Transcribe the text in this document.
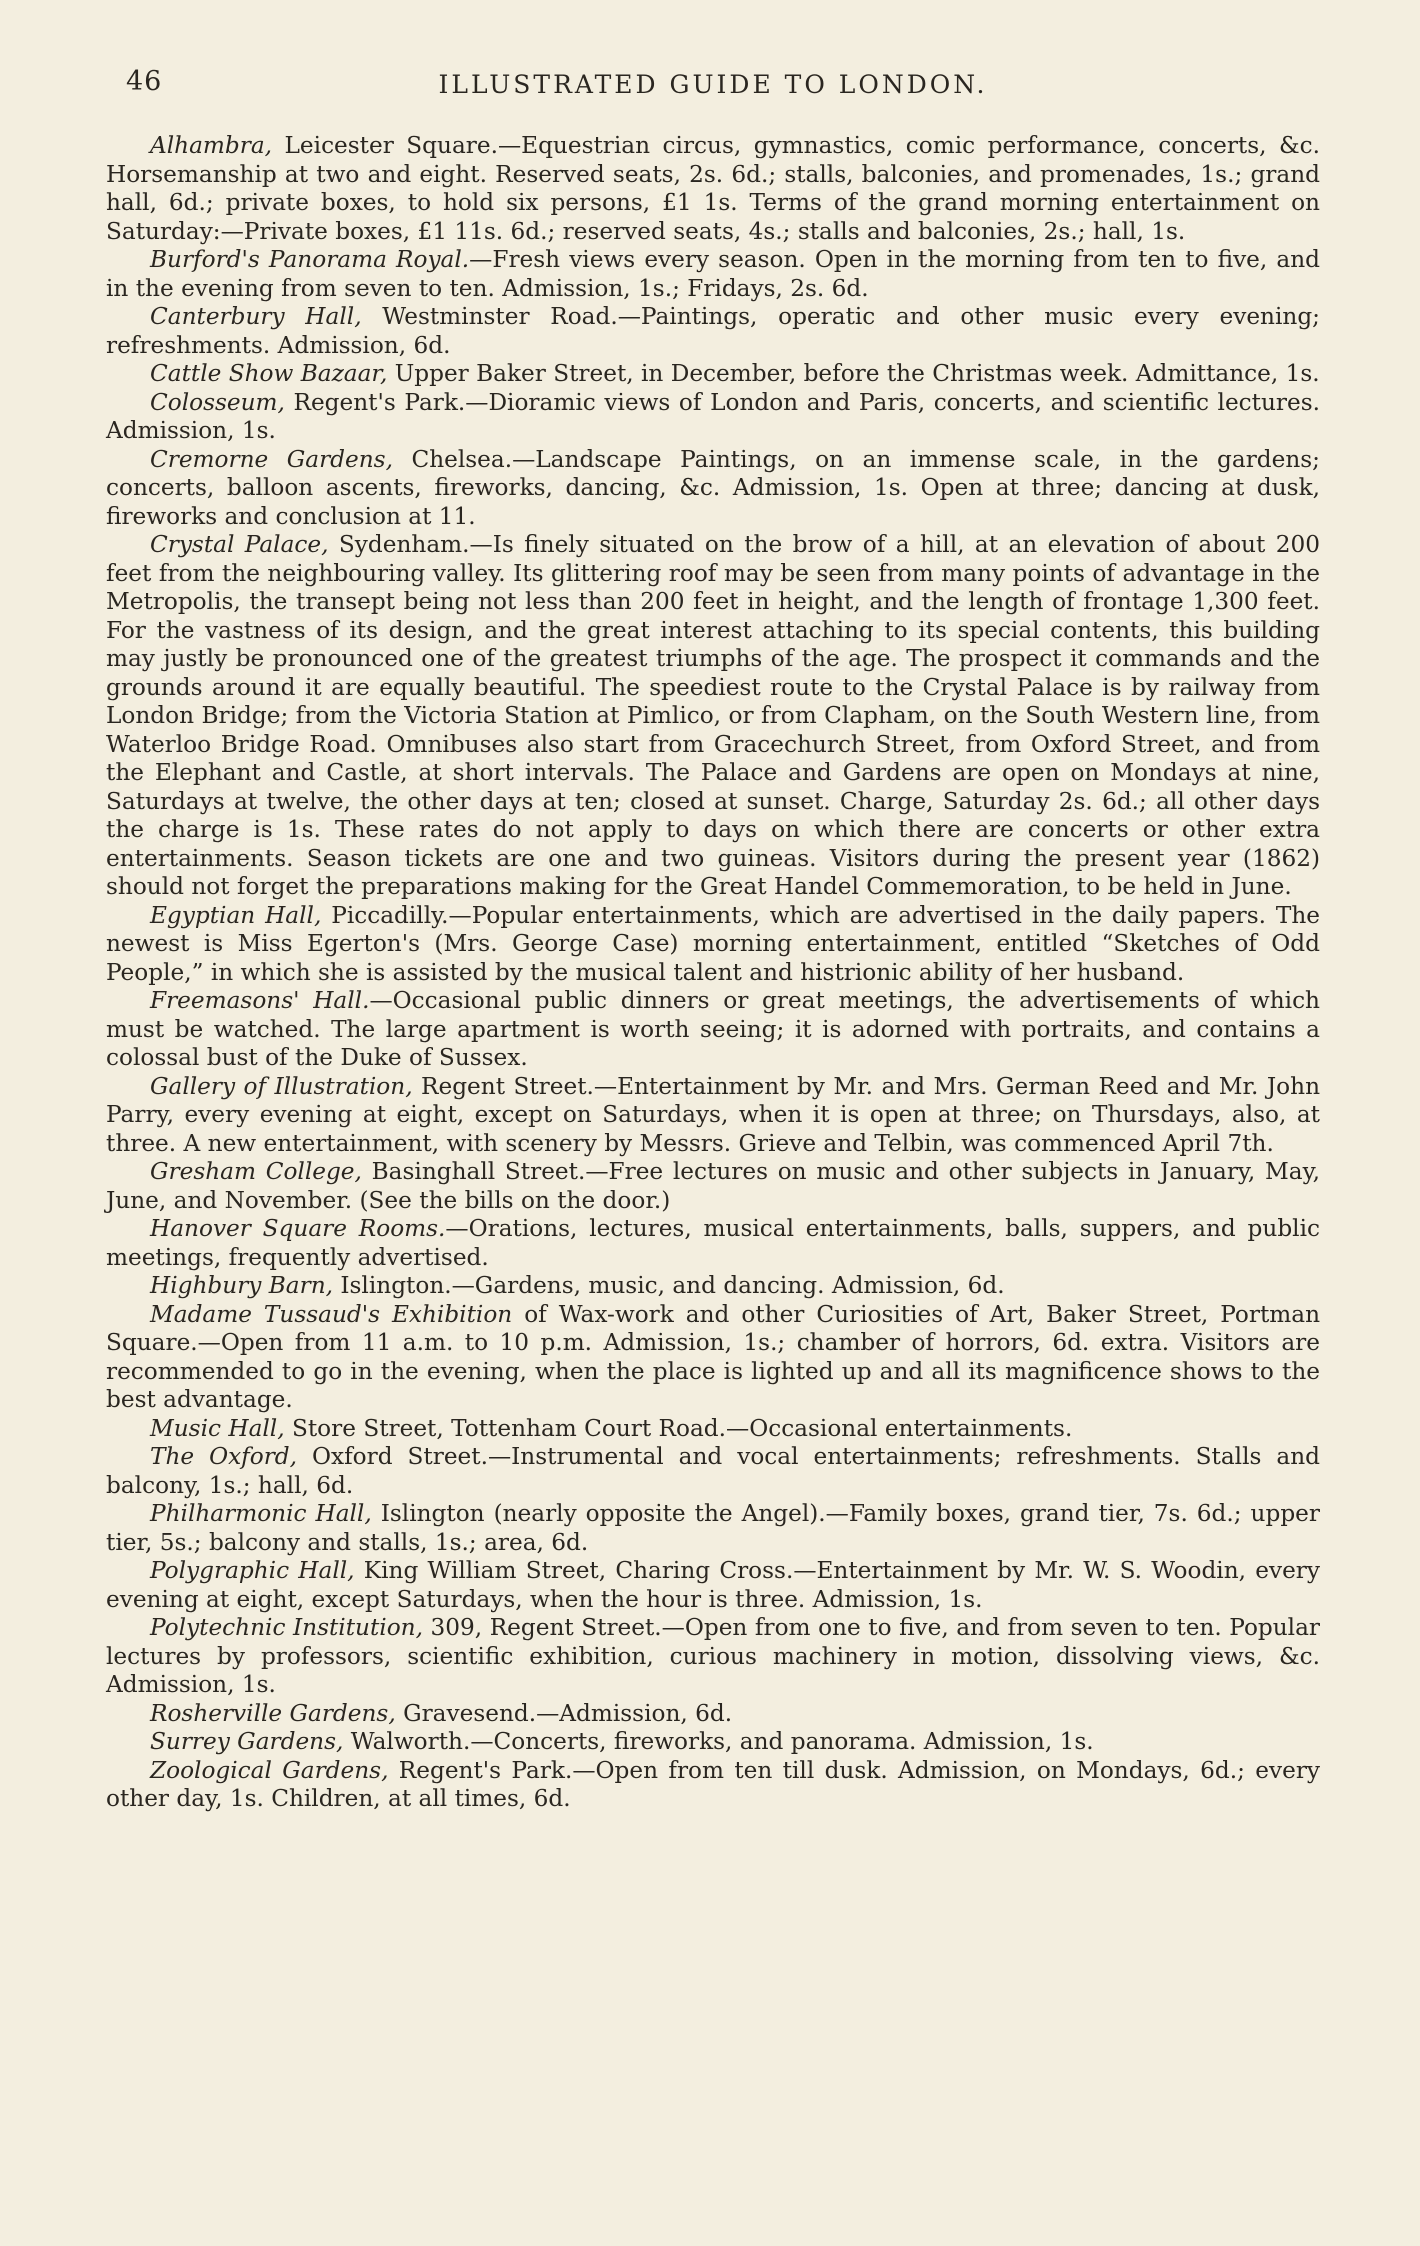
46	ILLUSTRATED GUIDE TO LONDON.

Alhambra, Leicester Square.—Equestrian circus, gymnastics, comic performance, concerts, &c. Horsemanship at two and eight. Reserved seats, 2s. 6d.; stalls, balconies, and promenades, 1s.; grand hall, 6d.; private boxes, to hold six persons, £1 1s. Terms of the grand morning entertainment on Saturday:—Private boxes, £1 11s. 6d.; reserved seats, 4s.; stalls and balconies, 2s.; hall, 1s.

Burford's Panorama Royal.—Fresh views every season. Open in the morning from ten to five, and in the evening from seven to ten. Admission, 1s.; Fridays, 2s. 6d.

Canterbury Hall, Westminster Road.—Paintings, operatic and other music every evening; refreshments. Admission, 6d.

Cattle Show Bazaar, Upper Baker Street, in December, before the Christmas week. Admittance, 1s.

Colosseum, Regent's Park.—Dioramic views of London and Paris, concerts, and scientific lectures. Admission, 1s.

Cremorne Gardens, Chelsea.—Landscape Paintings, on an immense scale, in the gardens; concerts, balloon ascents, fireworks, dancing, &c. Admission, 1s. Open at three; dancing at dusk, fireworks and conclusion at 11.

Crystal Palace, Sydenham.—Is finely situated on the brow of a hill, at an elevation of about 200 feet from the neighbouring valley. Its glittering roof may be seen from many points of advantage in the Metropolis, the transept being not less than 200 feet in height, and the length of frontage 1,300 feet. For the vastness of its design, and the great interest attaching to its special contents, this building may justly be pronounced one of the greatest triumphs of the age. The prospect it commands and the grounds around it are equally beautiful. The speediest route to the Crystal Palace is by railway from London Bridge; from the Victoria Station at Pimlico, or from Clapham, on the South Western line, from Waterloo Bridge Road. Omnibuses also start from Gracechurch Street, from Oxford Street, and from the Elephant and Castle, at short intervals. The Palace and Gardens are open on Mondays at nine, Saturdays at twelve, the other days at ten; closed at sunset. Charge, Saturday 2s. 6d.; all other days the charge is 1s. These rates do not apply to days on which there are concerts or other extra entertainments. Season tickets are one and two guineas. Visitors during the present year (1862) should not forget the preparations making for the Great Handel Commemoration, to be held in June.

Egyptian Hall, Piccadilly.—Popular entertainments, which are advertised in the daily papers. The newest is Miss Egerton's (Mrs. George Case) morning entertainment, entitled “Sketches of Odd People,” in which she is assisted by the musical talent and histrionic ability of her husband.

Freemasons' Hall.—Occasional public dinners or great meetings, the advertisements of which must be watched. The large apartment is worth seeing; it is adorned with portraits, and contains a colossal bust of the Duke of Sussex.

Gallery of Illustration, Regent Street.—Entertainment by Mr. and Mrs. German Reed and Mr. John Parry, every evening at eight, except on Saturdays, when it is open at three; on Thursdays, also, at three. A new entertainment, with scenery by Messrs. Grieve and Telbin, was commenced April 7th.

Gresham College, Basinghall Street.—Free lectures on music and other subjects in January, May, June, and November. (See the bills on the door.)

Hanover Square Rooms.—Orations, lectures, musical entertainments, balls, suppers, and public meetings, frequently advertised.

Highbury Barn, Islington.—Gardens, music, and dancing. Admission, 6d.

Madame Tussaud's Exhibition of Wax-work and other Curiosities of Art, Baker Street, Portman Square.—Open from 11 a.m. to 10 p.m. Admission, 1s.; chamber of horrors, 6d. extra. Visitors are recommended to go in the evening, when the place is lighted up and all its magnificence shows to the best advantage.

Music Hall, Store Street, Tottenham Court Road.—Occasional entertainments.

The Oxford, Oxford Street.—Instrumental and vocal entertainments; refreshments. Stalls and balcony, 1s.; hall, 6d.

Philharmonic Hall, Islington (nearly opposite the Angel).—Family boxes, grand tier, 7s. 6d.; upper tier, 5s.; balcony and stalls, 1s.; area, 6d.

Polygraphic Hall, King William Street, Charing Cross.—Entertainment by Mr. W. S. Woodin, every evening at eight, except Saturdays, when the hour is three. Admission, 1s.

Polytechnic Institution, 309, Regent Street.—Open from one to five, and from seven to ten. Popular lectures by professors, scientific exhibition, curious machinery in motion, dissolving views, &c. Admission, 1s.

Rosherville Gardens, Gravesend.—Admission, 6d.

Surrey Gardens, Walworth.—Concerts, fireworks, and panorama. Admission, 1s.

Zoological Gardens, Regent's Park.—Open from ten till dusk. Admission, on Mondays, 6d.; every other day, 1s. Children, at all times, 6d.
